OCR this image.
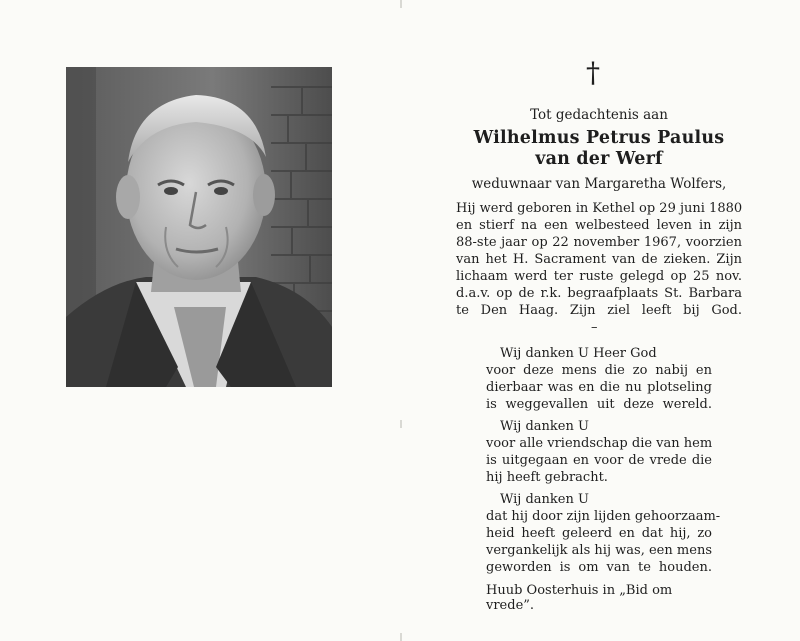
†
Tot gedachtenis aan
Wilhelmus Petrus Paulus
van der Werf
weduwnaar van Margaretha Wolfers,
Hij werd geboren in Kethel op 29 juni 1880
en stierf na een welbesteed leven in zijn
88-ste jaar op 22 november 1967, voorzien
van het H. Sacrament van de zieken. Zijn
lichaam werd ter ruste gelegd op 25 nov.
d.a.v. op de r.k. begraafplaats St. Barbara
te Den Haag. Zijn ziel leeft bij God.
–
Wij danken U Heer God
voor deze mens die zo nabij en
dierbaar was en die nu plotseling
is weggevallen uit deze wereld.
Wij danken U
voor alle vriendschap die van hem
is uitgegaan en voor de vrede die
hij heeft gebracht.
Wij danken U
dat hij door zijn lijden gehoorzaam-
heid heeft geleerd en dat hij, zo
vergankelijk als hij was, een mens
geworden is om van te houden.
Huub Oosterhuis in „Bid om vrede”.
